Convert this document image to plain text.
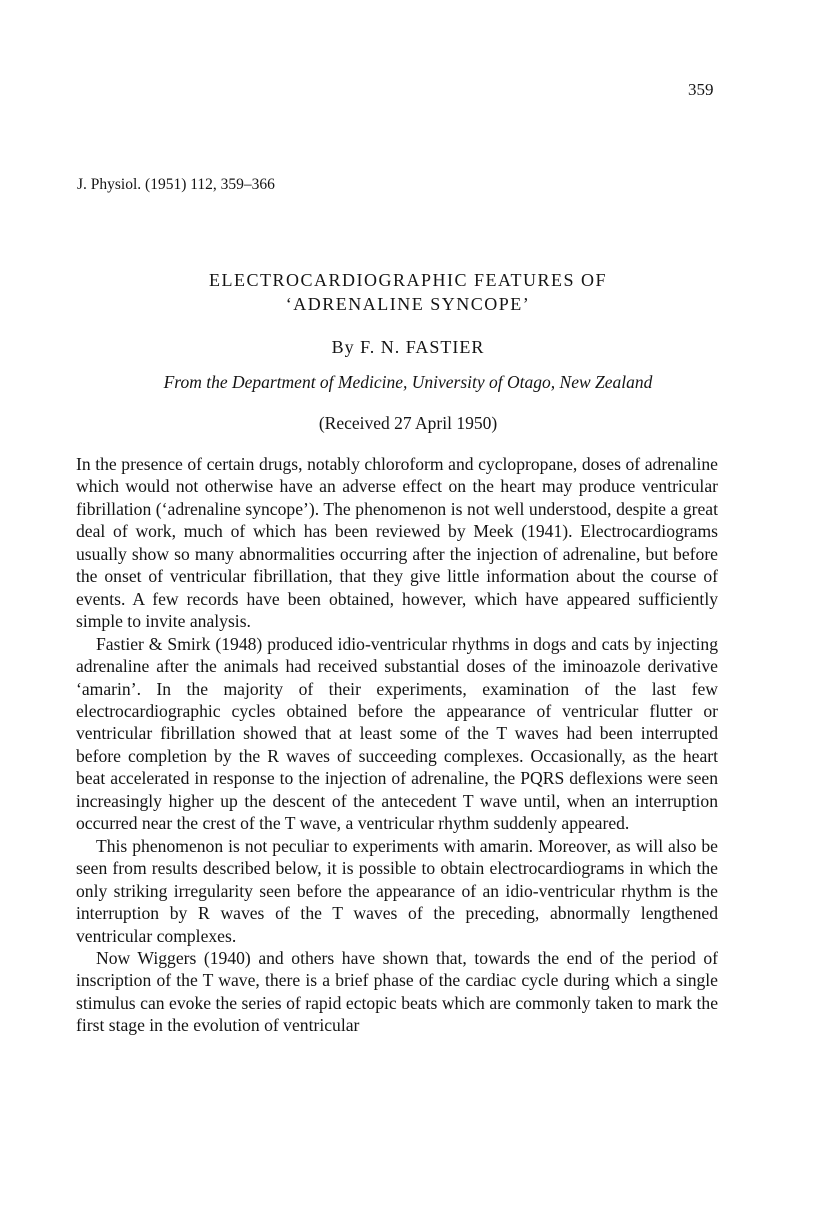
359
J. Physiol. (1951) 112, 359–366
ELECTROCARDIOGRAPHIC FEATURES OF
‘ADRENALINE SYNCOPE’
By F. N. FASTIER
From the Department of Medicine, University of Otago, New Zealand
(Received 27 April 1950)

In the presence of certain drugs, notably chloroform and cyclopropane, doses of adrenaline which would not otherwise have an adverse effect on the heart may produce ventricular fibrillation (‘adrenaline syncope’). The phenomenon is not well understood, despite a great deal of work, much of which has been reviewed by Meek (1941). Electrocardiograms usually show so many abnormalities occurring after the injection of adrenaline, but before the onset of ventricular fibrillation, that they give little information about the course of events. A few records have been obtained, however, which have appeared sufficiently simple to invite analysis.

Fastier & Smirk (1948) produced idio-ventricular rhythms in dogs and cats by injecting adrenaline after the animals had received substantial doses of the iminoazole derivative ‘amarin’. In the majority of their experiments, examination of the last few electrocardiographic cycles obtained before the appearance of ventricular flutter or ventricular fibrillation showed that at least some of the T waves had been interrupted before completion by the R waves of succeeding complexes. Occasionally, as the heart beat accelerated in response to the injection of adrenaline, the PQRS deflexions were seen increasingly higher up the descent of the antecedent T wave until, when an interruption occurred near the crest of the T wave, a ventricular rhythm suddenly appeared.

This phenomenon is not peculiar to experiments with amarin. Moreover, as will also be seen from results described below, it is possible to obtain electrocardiograms in which the only striking irregularity seen before the appearance of an idio-ventricular rhythm is the interruption by R waves of the T waves of the preceding, abnormally lengthened ventricular complexes.

Now Wiggers (1940) and others have shown that, towards the end of the period of inscription of the T wave, there is a brief phase of the cardiac cycle during which a single stimulus can evoke the series of rapid ectopic beats which are commonly taken to mark the first stage in the evolution of ventricular
